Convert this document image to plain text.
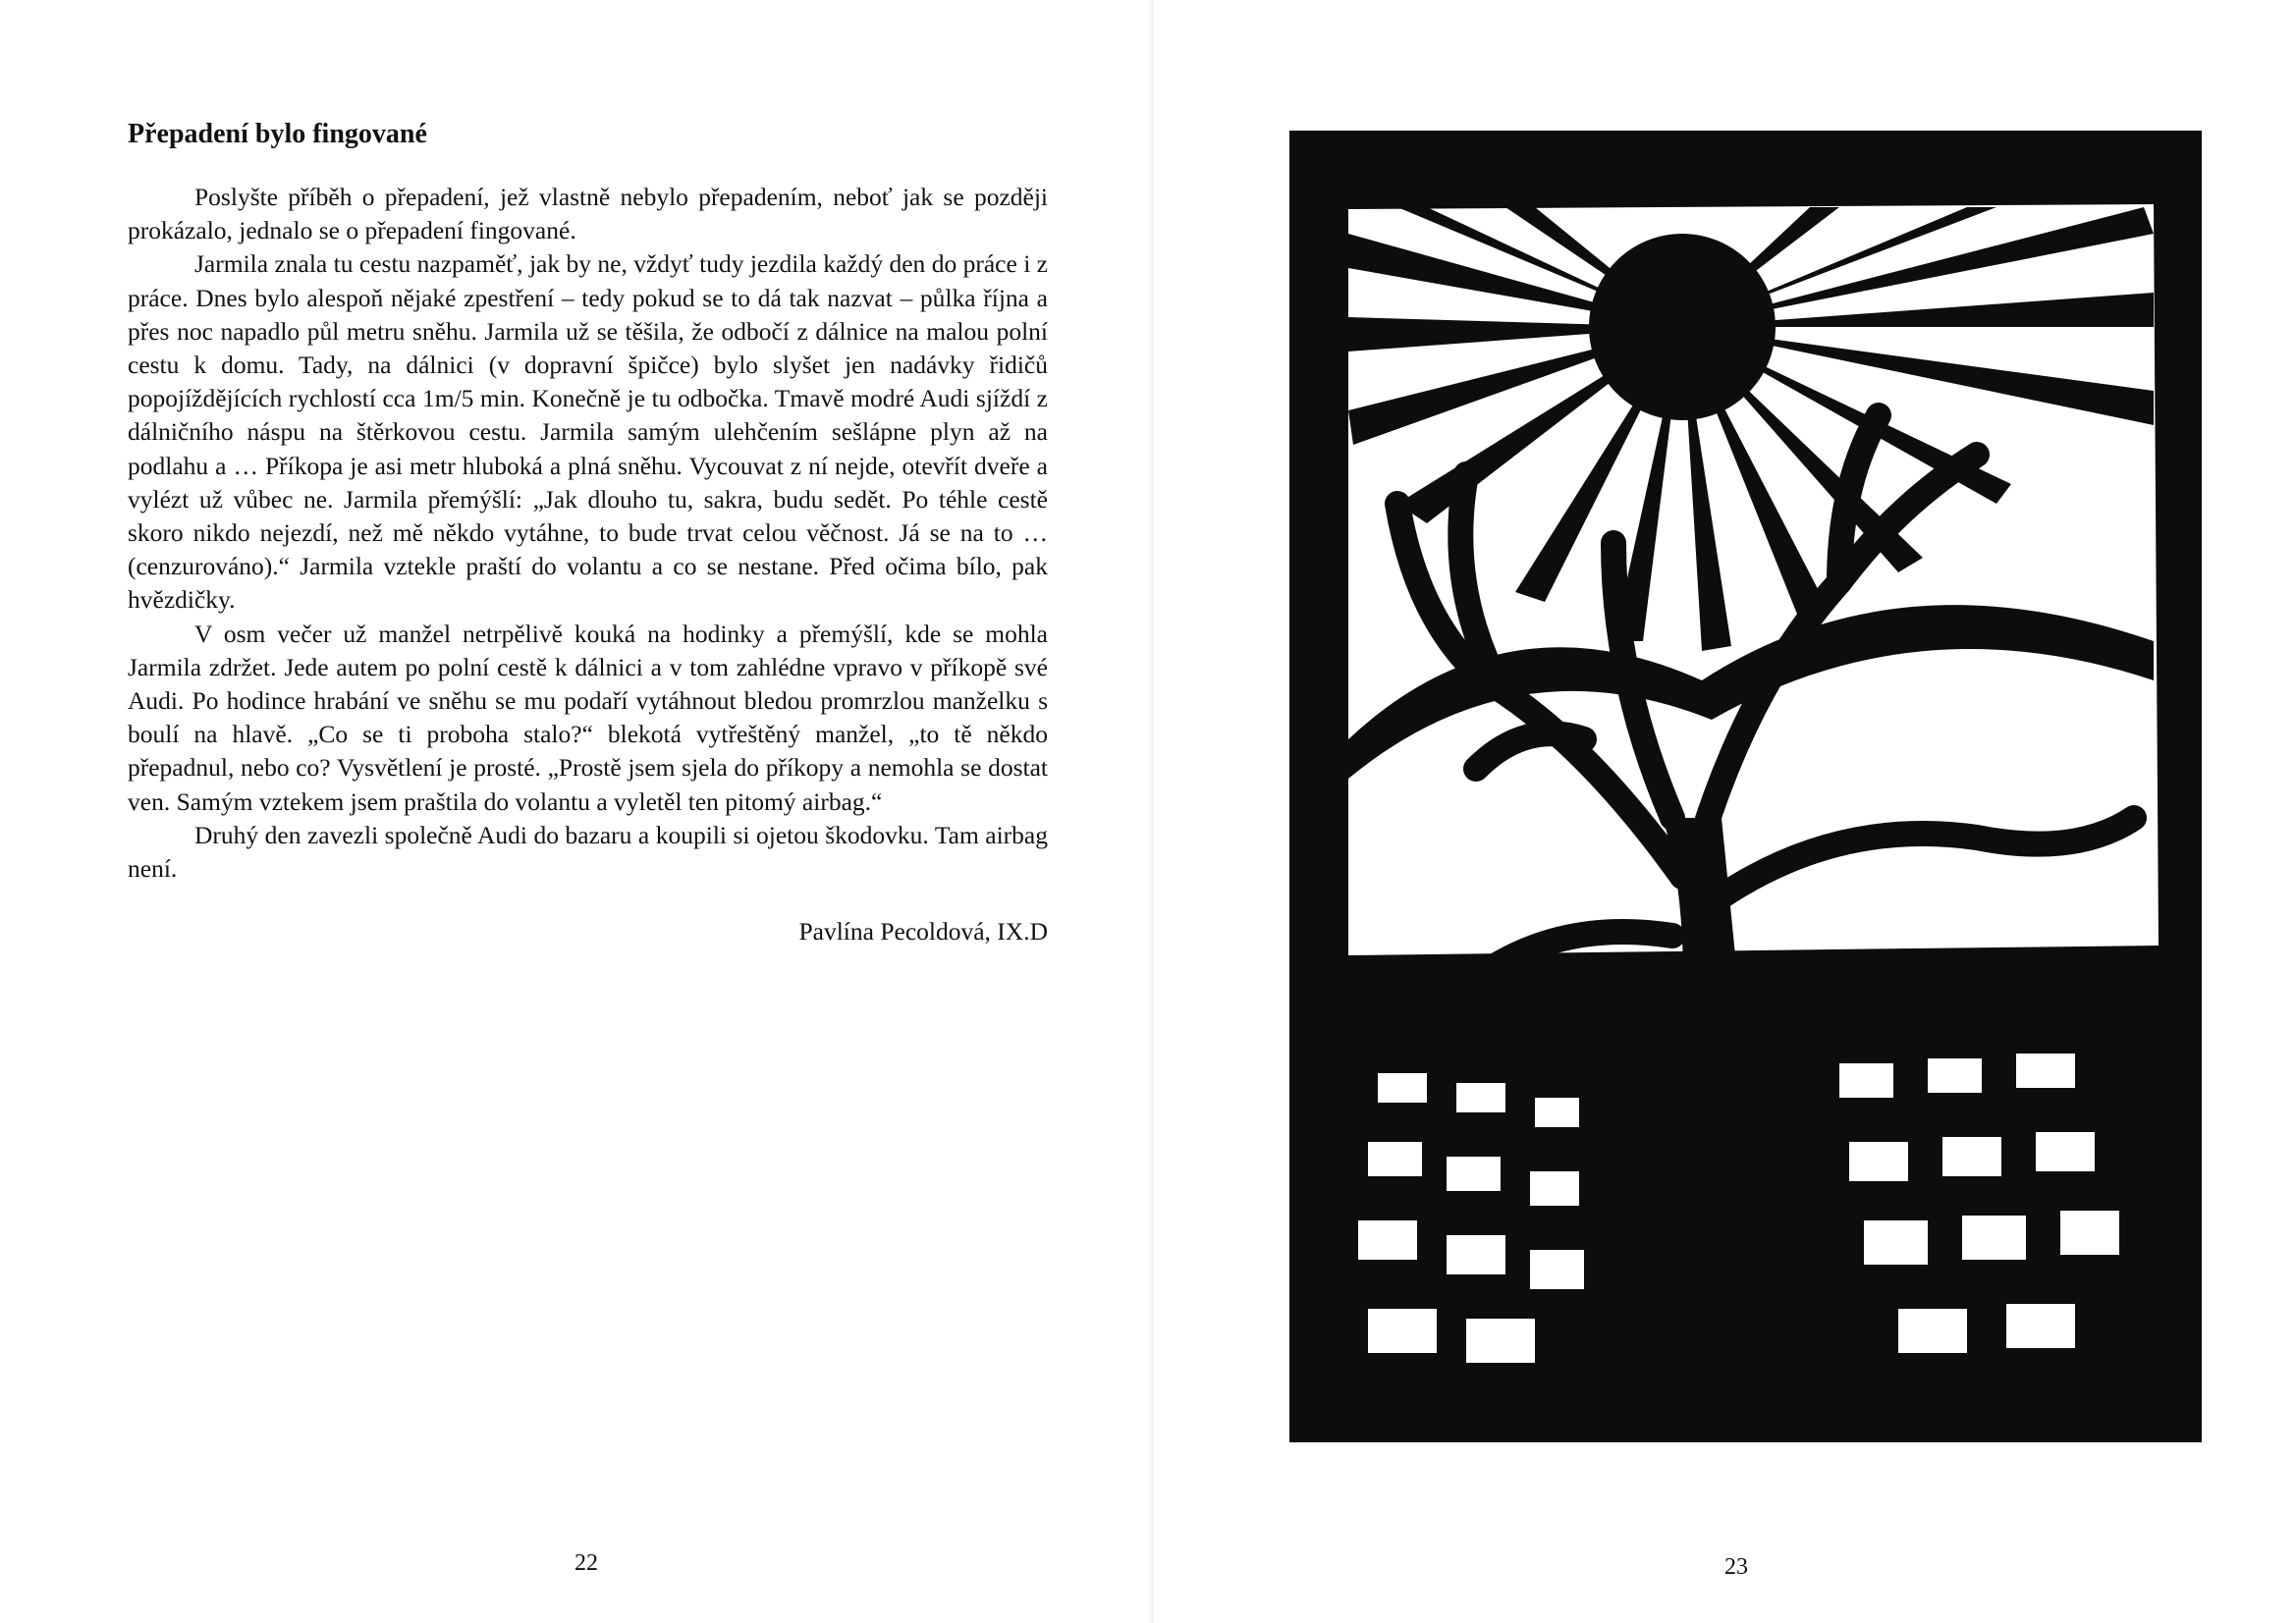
Přepadení bylo fingované

Poslyšte příběh o přepadení, jež vlastně nebylo přepadením, neboť jak se později prokázalo, jednalo se o přepadení fingované.

Jarmila znala tu cestu nazpaměť, jak by ne, vždyť tudy jezdila každý den do práce i z práce. Dnes bylo alespoň nějaké zpestření – tedy pokud se to dá tak nazvat – půlka října a přes noc napadlo půl metru sněhu. Jarmila už se těšila, že odbočí z dálnice na malou polní cestu k domu. Tady, na dálnici (v dopravní špičce) bylo slyšet jen nadávky řidičů popojíždějících rychlostí cca 1m/5 min. Konečně je tu odbočka. Tmavě modré Audi sjíždí z dálničního náspu na štěrkovou cestu. Jarmila samým ulehčením sešlápne plyn až na podlahu a … Příkopa je asi metr hluboká a plná sněhu. Vycouvat z ní nejde, otevřít dveře a vylézt už vůbec ne. Jarmila přemýšlí: „Jak dlouho tu, sakra, budu sedět. Po téhle cestě skoro nikdo nejezdí, než mě někdo vytáhne, to bude trvat celou věčnost. Já se na to …(cenzurováno).“ Jarmila vztekle praští do volantu a co se nestane. Před očima bílo, pak hvězdičky.

V osm večer už manžel netrpělivě kouká na hodinky a přemýšlí, kde se mohla Jarmila zdržet. Jede autem po polní cestě k dálnici a v tom zahlédne vpravo v příkopě své Audi. Po hodince hrabání ve sněhu se mu podaří vytáhnout bledou promrzlou manželku s boulí na hlavě. „Co se ti proboha stalo?“ blekotá vytřeštěný manžel, „to tě někdo přepadnul, nebo co? Vysvětlení je prosté. „Prostě jsem sjela do příkopy a nemohla se dostat ven. Samým vztekem jsem praštila do volantu a vyletěl ten pitomý airbag.“

Druhý den zavezli společně Audi do bazaru a koupili si ojetou škodovku. Tam airbag není.

Pavlína Pecoldová, IX.D
22	23
